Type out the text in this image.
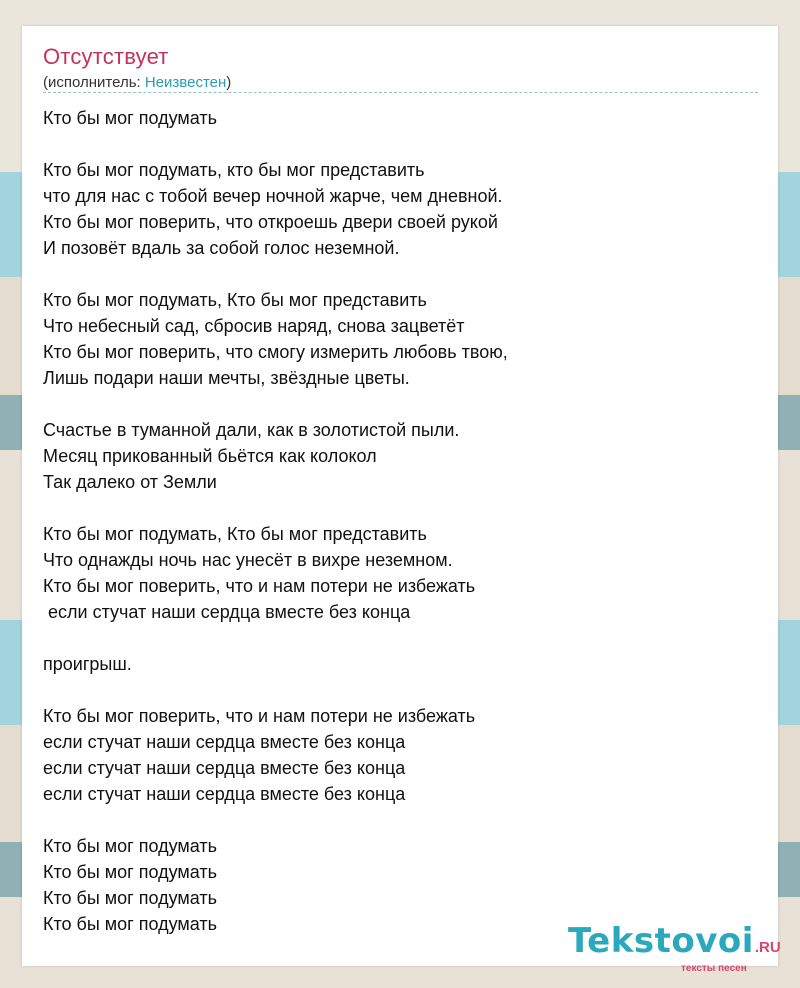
Отсутствует
(исполнитель: Неизвестен)
Кто бы мог подумать
Кто бы мог подумать, кто бы мог представить
что для нас с тобой вечер ночной жарче, чем дневной.
Кто бы мог поверить, что откроешь двери своей рукой
И позовёт вдаль за собой голос неземной.
Кто бы мог подумать, Кто бы мог представить
Что небесный сад, сбросив наряд, снова зацветёт
Кто бы мог поверить, что смогу измерить любовь твою,
Лишь подари наши мечты, звёздные цветы.
Счастье в туманной дали, как в золотистой пыли.
Месяц прикованный бьётся как колокол
Так далеко от Земли
Кто бы мог подумать, Кто бы мог представить
Что однажды ночь нас унесёт в вихре неземном.
Кто бы мог поверить, что и нам потери не избежать
если стучат наши сердца вместе без конца
проигрыш.
Кто бы мог поверить, что и нам потери не избежать
если стучат наши сердца вместе без конца
если стучат наши сердца вместе без конца
если стучат наши сердца вместе без конца
Кто бы мог подумать
Кто бы мог подумать
Кто бы мог подумать
Кто бы мог подумать	Tekstovoi.RU
тексты песен
